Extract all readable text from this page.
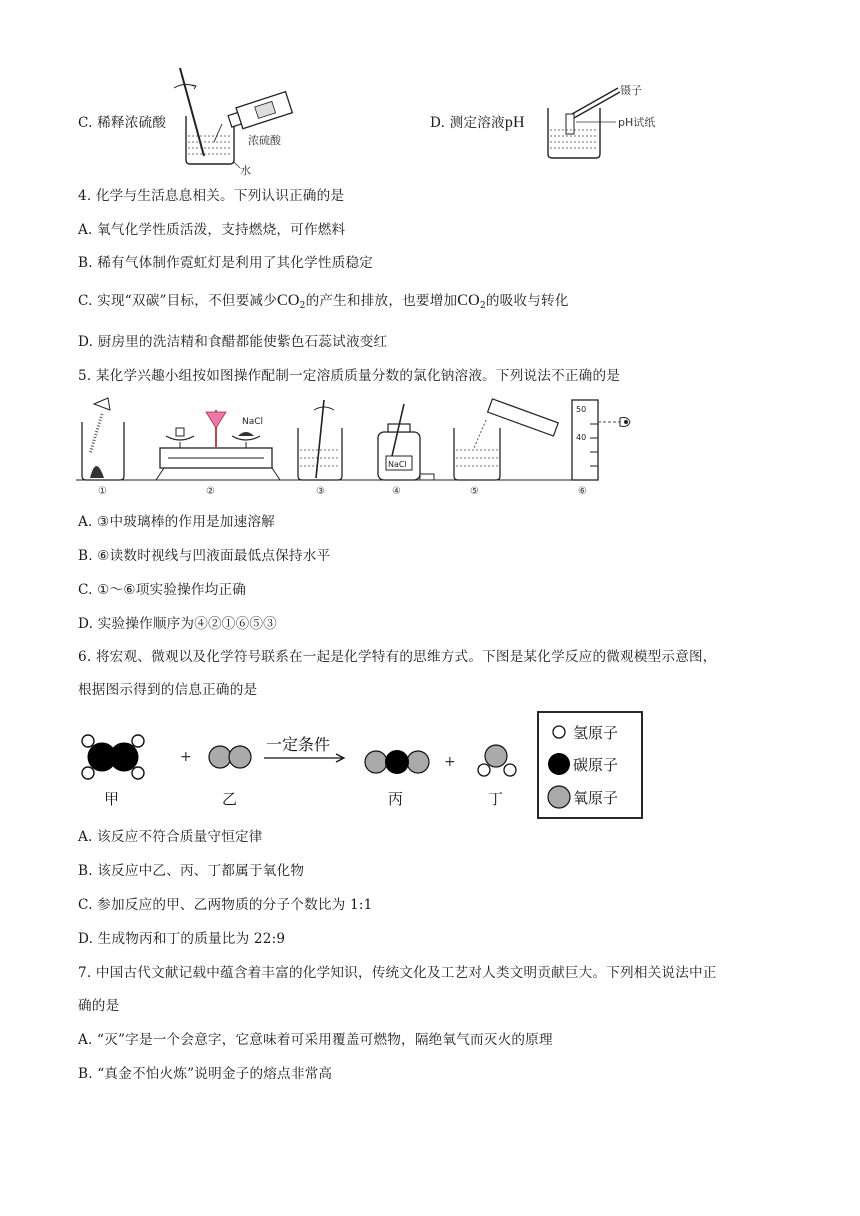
C. 稀释浓硫酸
浓硫酸
水
D. 测定溶液pH
镊子
pH试纸
4. 化学与生活息息相关。下列认识正确的是
A. 氧气化学性质活泼，支持燃烧，可作燃料
B. 稀有气体制作霓虹灯是利用了其化学性质稳定
C. 实现“双碳”目标，不但要减少$CO_2$的产生和排放，也要增加$CO_2$的吸收与转化
D. 厨房里的洗洁精和食醋都能使紫色石蕊试液变红
5. 某化学兴趣小组按如图操作配制一定溶质质量分数的氯化钠溶液。下列说法不正确的是
NaCl
NaCl
50
40
①	②	③	④	⑤	⑥
A. ③中玻璃棒的作用是加速溶解
B. ⑥读数时视线与凹液面最低点保持水平
C. ①～⑥项实验操作均正确
D. 实验操作顺序为④②①⑥⑤③
6. 将宏观、微观以及化学符号联系在一起是化学特有的思维方式。下图是某化学反应的微观模型示意图，
根据图示得到的信息正确的是
+
一定条件
+
甲	乙	丙	丁
氢原子
碳原子
氧原子
A. 该反应不符合质量守恒定律
B. 该反应中乙、丙、丁都属于氧化物
C. 参加反应的甲、乙两物质的分子个数比为 1:1
D. 生成物丙和丁的质量比为 22:9
7. 中国古代文献记载中蕴含着丰富的化学知识，传统文化及工艺对人类文明贡献巨大。下列相关说法中正
确的是
A. “灭”字是一个会意字，它意味着可采用覆盖可燃物，隔绝氧气而灭火的原理
B. “真金不怕火炼”说明金子的熔点非常高
